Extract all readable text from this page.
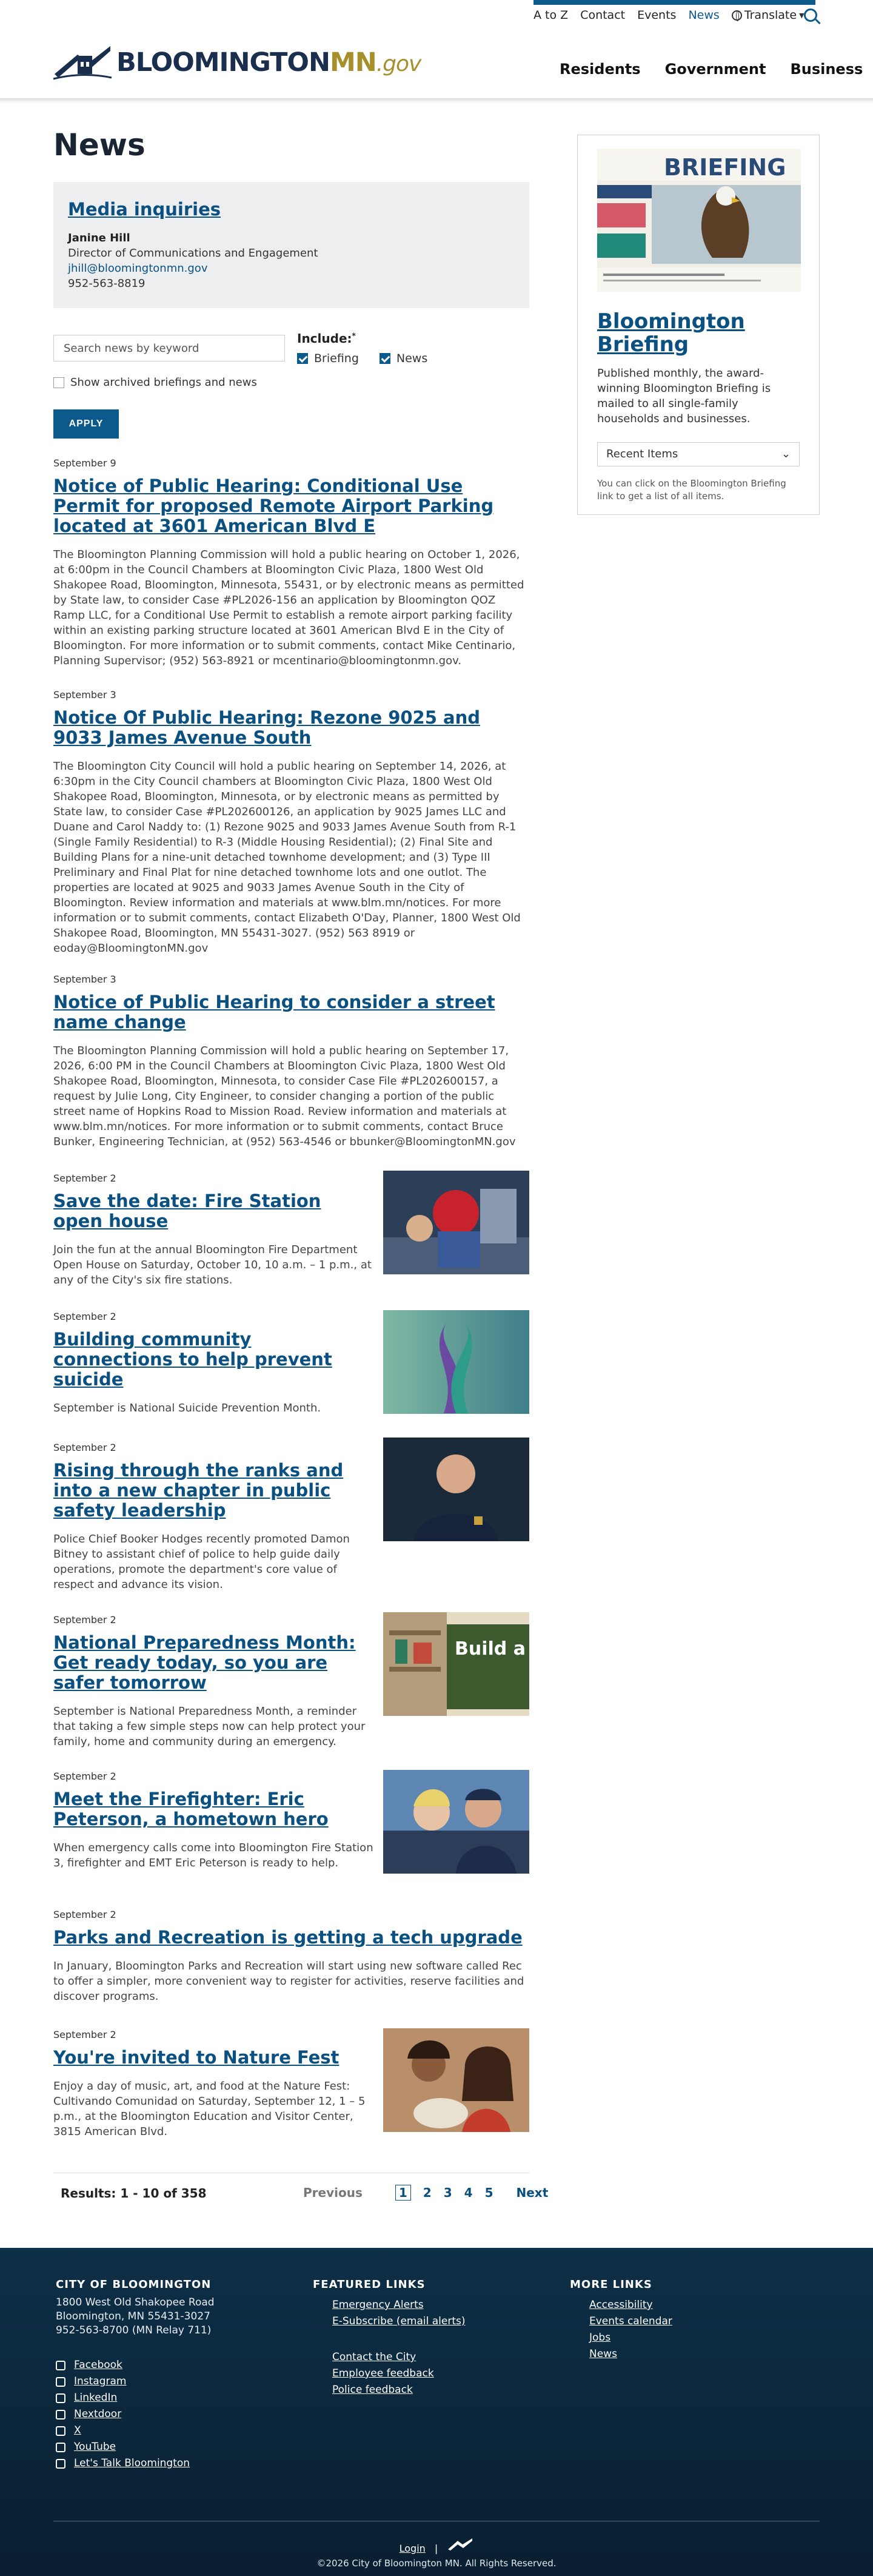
A to Z Contact Events News Translate ▼
BLOOMINGTONMN.gov	Residents Government Business
News
Media inquiries

Janine Hill

Director of Communications and Engagement

jhill@bloomingtonmn.gov

952-563-8819

Search news by keyword
Include:*
Briefing	News
Show archived briefings and news
APPLY
September 9
Notice of Public Hearing: Conditional Use Permit for proposed Remote Airport Parking located at 3601 American Blvd E

The Bloomington Planning Commission will hold a public hearing on October 1, 2026, at 6:00pm in the Council Chambers at Bloomington Civic Plaza, 1800 West Old Shakopee Road, Bloomington, Minnesota, 55431, or by electronic means as permitted by State law, to consider Case #PL2026-156 an application by Bloomington QOZ Ramp LLC, for a Conditional Use Permit to establish a remote airport parking facility within an existing parking structure located at 3601 American Blvd E in the City of Bloomington. For more information or to submit comments, contact Mike Centinario, Planning Supervisor; (952) 563-8921 or mcentinario@bloomingtonmn.gov.

September 3
Notice Of Public Hearing: Rezone 9025 and 9033 James Avenue South

The Bloomington City Council will hold a public hearing on September 14, 2026, at 6:30pm in the City Council chambers at Bloomington Civic Plaza, 1800 West Old Shakopee Road, Bloomington, Minnesota, or by electronic means as permitted by State law, to consider Case #PL202600126, an application by 9025 James LLC and Duane and Carol Naddy to: (1) Rezone 9025 and 9033 James Avenue South from R-1 (Single Family Residential) to R-3 (Middle Housing Residential); (2) Final Site and Building Plans for a nine-unit detached townhome development; and (3) Type III Preliminary and Final Plat for nine detached townhome lots and one outlot. The properties are located at 9025 and 9033 James Avenue South in the City of Bloomington. Review information and materials at www.blm.mn/notices. For more information or to submit comments, contact Elizabeth O'Day, Planner, 1800 West Old Shakopee Road, Bloomington, MN 55431-3027. (952) 563 8919 or eoday@BloomingtonMN.gov

September 3
Notice of Public Hearing to consider a street name change

The Bloomington Planning Commission will hold a public hearing on September 17, 2026, 6:00 PM in the Council Chambers at Bloomington Civic Plaza, 1800 West Old Shakopee Road, Bloomington, Minnesota, to consider Case File #PL202600157, a request by Julie Long, City Engineer, to consider changing a portion of the public street name of Hopkins Road to Mission Road. Review information and materials at www.blm.mn/notices. For more information or to submit comments, contact Bruce Bunker, Engineering Technician, at (952) 563-4546 or bbunker@BloomingtonMN.gov

September 2
Save the date: Fire Station open house

Join the fun at the annual Bloomington Fire Department Open House on Saturday, October 10, 10 a.m. – 1 p.m., at any of the City's six fire stations.

September 2
Building community connections to help prevent suicide

September is National Suicide Prevention Month.

September 2
Rising through the ranks and into a new chapter in public safety leadership

Police Chief Booker Hodges recently promoted Damon Bitney to assistant chief of police to help guide daily operations, promote the department's core value of respect and advance its vision.

September 2
National Preparedness Month: Get ready today, so you are safer tomorrow

September is National Preparedness Month, a reminder that taking a few simple steps now can help protect your family, home and community during an emergency.

Build a Ki
September 2
Meet the Firefighter: Eric Peterson, a hometown hero

When emergency calls come into Bloomington Fire Station 3, firefighter and EMT Eric Peterson is ready to help.

September 2
Parks and Recreation is getting a tech upgrade

In January, Bloomington Parks and Recreation will start using new software called Rec to offer a simpler, more convenient way to register for activities, reserve facilities and discover programs.

September 2
You're invited to Nature Fest

Enjoy a day of music, art, and food at the Nature Fest: Cultivando Comunidad on Saturday, September 12, 1 – 5 p.m., at the Bloomington Education and Visitor Center, 3815 American Blvd.

BRIEFING
Bloomington Briefing

Published monthly, the award-winning Bloomington Briefing is mailed to all single-family households and businesses.

Recent Items	⌄

You can click on the Bloomington Briefing link to get a list of all items.

Results: 1 - 10 of 358	Previous	1	2 3 4 5 Next
CITY OF BLOOMINGTON
1800 West Old Shakopee Road
Bloomington, MN 55431-3027
952-563-8700 (MN Relay 711)
Facebook
Instagram
LinkedIn
Nextdoor
X
YouTube
Let's Talk Bloomington
FEATURED LINKS
Emergency Alerts
E-Subscribe (email alerts)
Contact the City
Employee feedback
Police feedback
MORE LINKS
Accessibility
Events calendar
Jobs
News
Login |
©2026 City of Bloomington MN. All Rights Reserved.
